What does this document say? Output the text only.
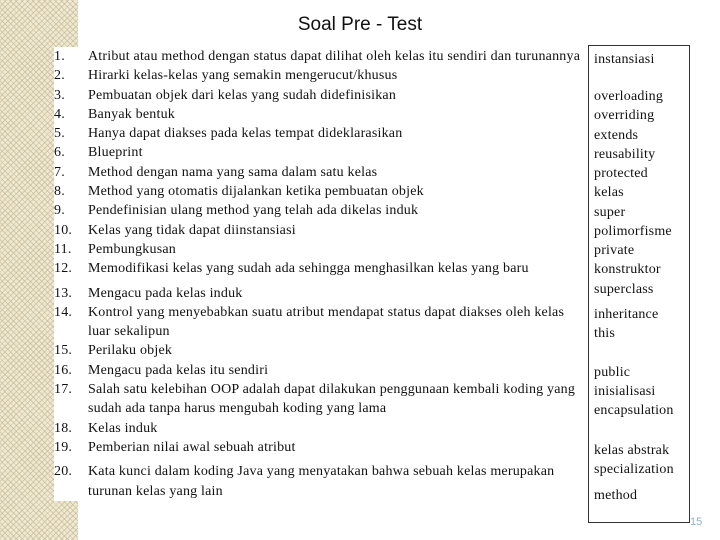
Soal Pre - Test
1.	Atribut atau method dengan status dapat dilihat oleh kelas itu sendiri dan turunannya
2.	Hirarki kelas-kelas yang semakin mengerucut/khusus
3.	Pembuatan objek dari kelas yang sudah didefinisikan
4.	Banyak bentuk
5.	Hanya dapat diakses pada kelas tempat dideklarasikan
6.	Blueprint
7.	Method dengan nama yang sama dalam satu kelas
8.	Method yang otomatis dijalankan ketika pembuatan objek
9.	Pendefinisian ulang method yang telah ada dikelas induk
10.	Kelas yang tidak dapat diinstansiasi
11.	Pembungkusan
12.	Memodifikasi kelas yang sudah ada sehingga menghasilkan kelas yang baru
13.	Mengacu pada kelas induk
14.	Kontrol yang menyebabkan suatu atribut mendapat status dapat diakses oleh kelas luar sekalipun
15.	Perilaku objek
16.	Mengacu pada kelas itu sendiri
17.	Salah satu kelebihan OOP adalah dapat dilakukan penggunaan kembali koding yang sudah ada tanpa harus mengubah koding yang lama
18.	Kelas induk
19.	Pemberian nilai awal sebuah atribut
20.	Kata kunci dalam koding Java yang menyatakan bahwa sebuah kelas merupakan turunan kelas yang lain
instansiasi
overloading
overriding
extends
reusability
protected
kelas
super
polimorfisme
private
konstruktor
superclass
inheritance
this
public
inisialisasi
encapsulation
kelas abstrak
specialization
method
15
